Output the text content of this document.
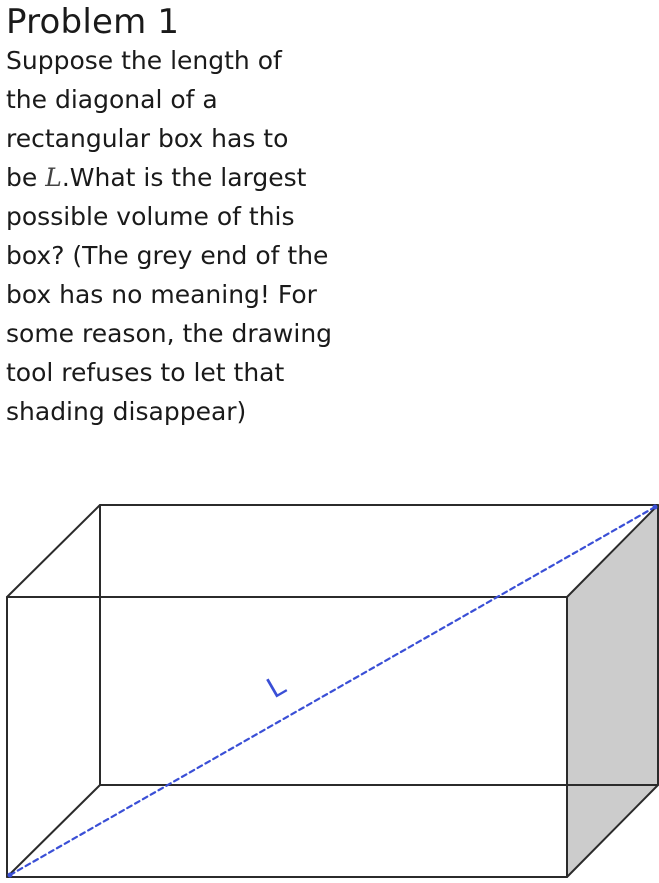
Problem 1

Suppose the length of
the diagonal of a
rectangular box has to
be L.What is the largest
possible volume of this
box? (The grey end of the
box has no meaning! For
some reason, the drawing
tool refuses to let that
shading disappear)

L
